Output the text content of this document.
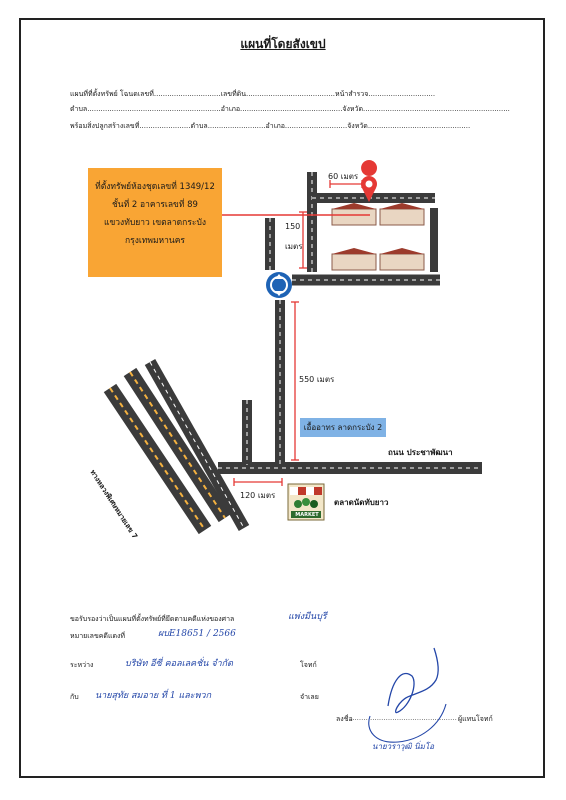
แผนที่โดยสังเขป
แผนที่ที่ตั้งทรัพย์ โฉนดเลขที่..............................เลขที่ดิน........................................หน้าสำรวจ..............................
ตำบล............................................................อำเภอ..............................................จังหวัด..................................................................
พร้อมสิ่งปลูกสร้างเลขที่.......................ตำบล..........................อำเภอ............................จังหวัด..............................................
MARKET
ที่ตั้งทรัพย์ห้องชุดเลขที่ 1349/12
ชั้นที่ 2 อาคารเลขที่ 89
แขวงทับยาว เขตลาดกระบัง
กรุงเทพมหานคร
60 เมตร
150
เมตร
550 เมตร
120 เมตร
เอื้ออาทร ลาดกระบัง 2
ถนน ประชาพัฒนา
ตลาดนัดทับยาว
ทางหลวงพิเศษหมายเลข 7
ขอรับรองว่าเป็นแผนที่ตั้งทรัพย์ที่ยึดตามคดีแห่งของศาล	แพ่งมีนบุรี
หมายเลขคดีแดงที่	ผบE18651 / 2566
ระหว่าง	บริษัท อีซี่ คอลเลคชั่น จำกัด	โจทก์
กับ นายสุทัย สมอาย ที่ 1 และพวก	จำเลย
ลงชื่อ
................................................ ผู้แทนโจทก์
นายวราวุฒิ นิ่มโอ
